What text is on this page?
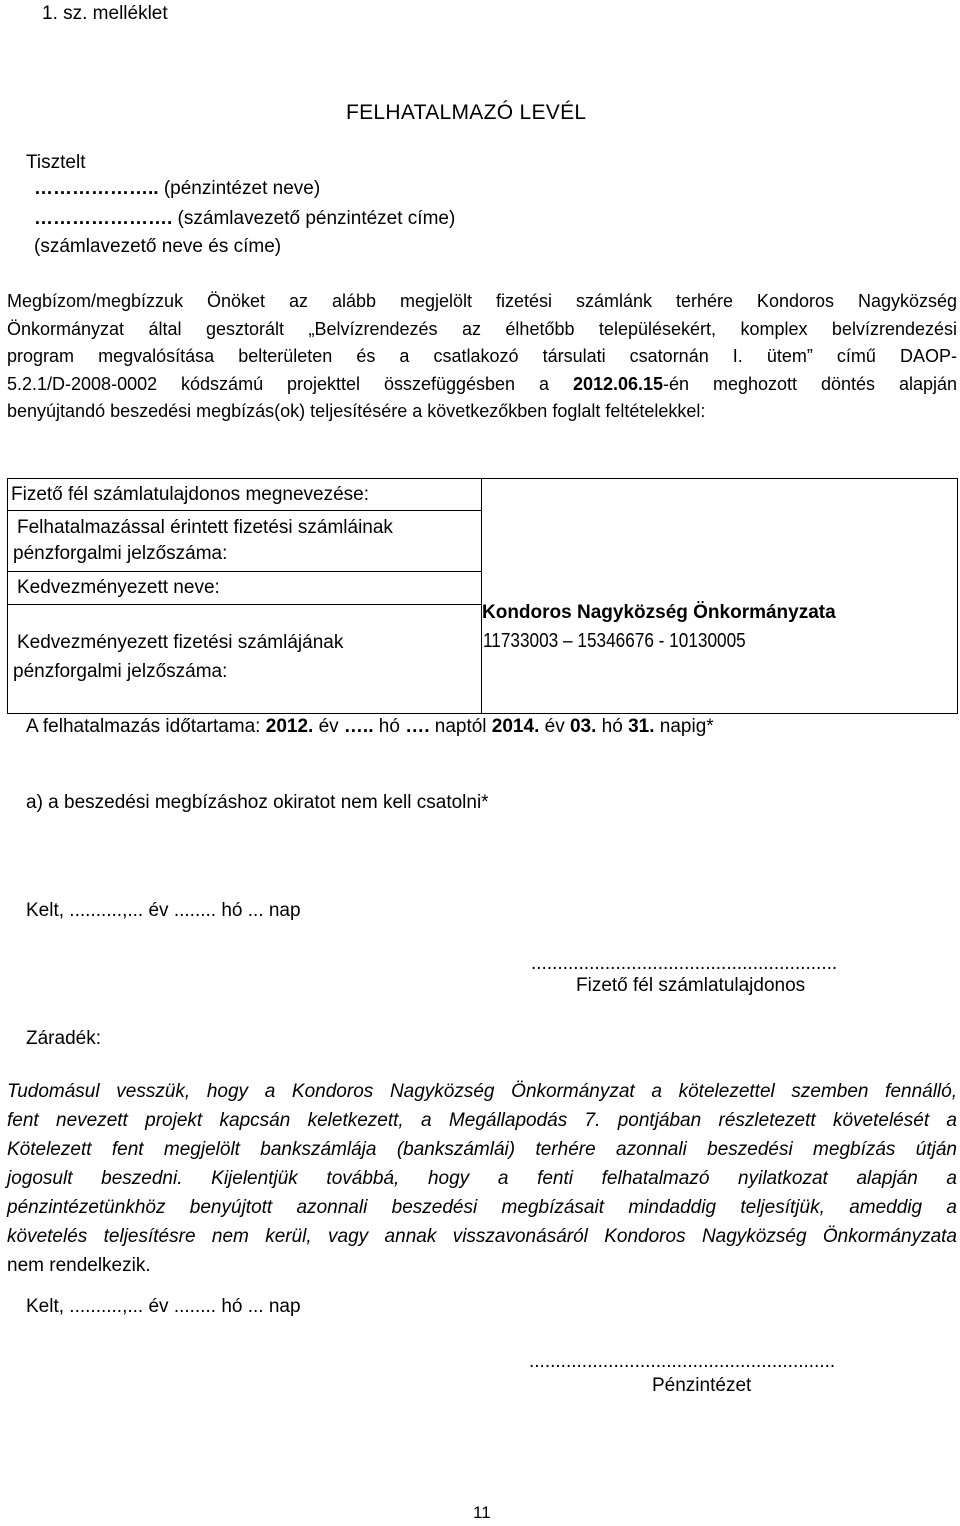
1. sz. melléklet
FELHATALMAZÓ LEVÉL
Tisztelt
……………….. (pénzintézet neve)
…………………. (számlavezető pénzintézet címe)
(számlavezető neve és címe)
Megbízom/megbízzuk Önöket az alább megjelölt fizetési számlánk terhére Kondoros Nagyközség
Önkormányzat által gesztorált „Belvízrendezés az élhetőbb településekért, komplex belvízrendezési
program megvalósítása belterületen és a csatlakozó társulati csatornán I. ütem” című DAOP-
5.2.1/D-2008-0002 kódszámú projekttel összefüggésben a 2012.06.15-én meghozott döntés alapján
benyújtandó beszedési megbízás(ok) teljesítésére a következőkben foglalt feltételekkel:
Fizető fél számlatulajdonos megnevezése:
Felhatalmazással érintett fizetési számláinak
pénzforgalmi jelzőszáma:
Kedvezményezett neve:
Kedvezményezett fizetési számlájának
pénzforgalmi jelzőszáma:
Kondoros Nagyközség Önkormányzata
11733003 – 15346676 - 10130005
A felhatalmazás időtartama: 2012. év ….. hó …. naptól 2014. év 03. hó 31. napig*
a) a beszedési megbízáshoz okiratot nem kell csatolni*
Kelt, ..........,... év ........ hó ... nap
..........................................................
Fizető fél számlatulajdonos
Záradék:
Tudomásul vesszük, hogy a Kondoros Nagyközség Önkormányzat a kötelezettel szemben fennálló,
fent nevezett projekt kapcsán keletkezett, a Megállapodás 7. pontjában részletezett követelését a
Kötelezett fent megjelölt bankszámlája (bankszámlái) terhére azonnali beszedési megbízás útján
jogosult beszedni. Kijelentjük továbbá, hogy a fenti felhatalmazó nyilatkozat alapján a
pénzintézetünkhöz benyújtott azonnali beszedési megbízásait mindaddig teljesítjük, ameddig a
követelés teljesítésre nem kerül, vagy annak visszavonásáról Kondoros Nagyközség Önkormányzata
nem rendelkezik.
Kelt, ..........,... év ........ hó ... nap
..........................................................
Pénzintézet
11
